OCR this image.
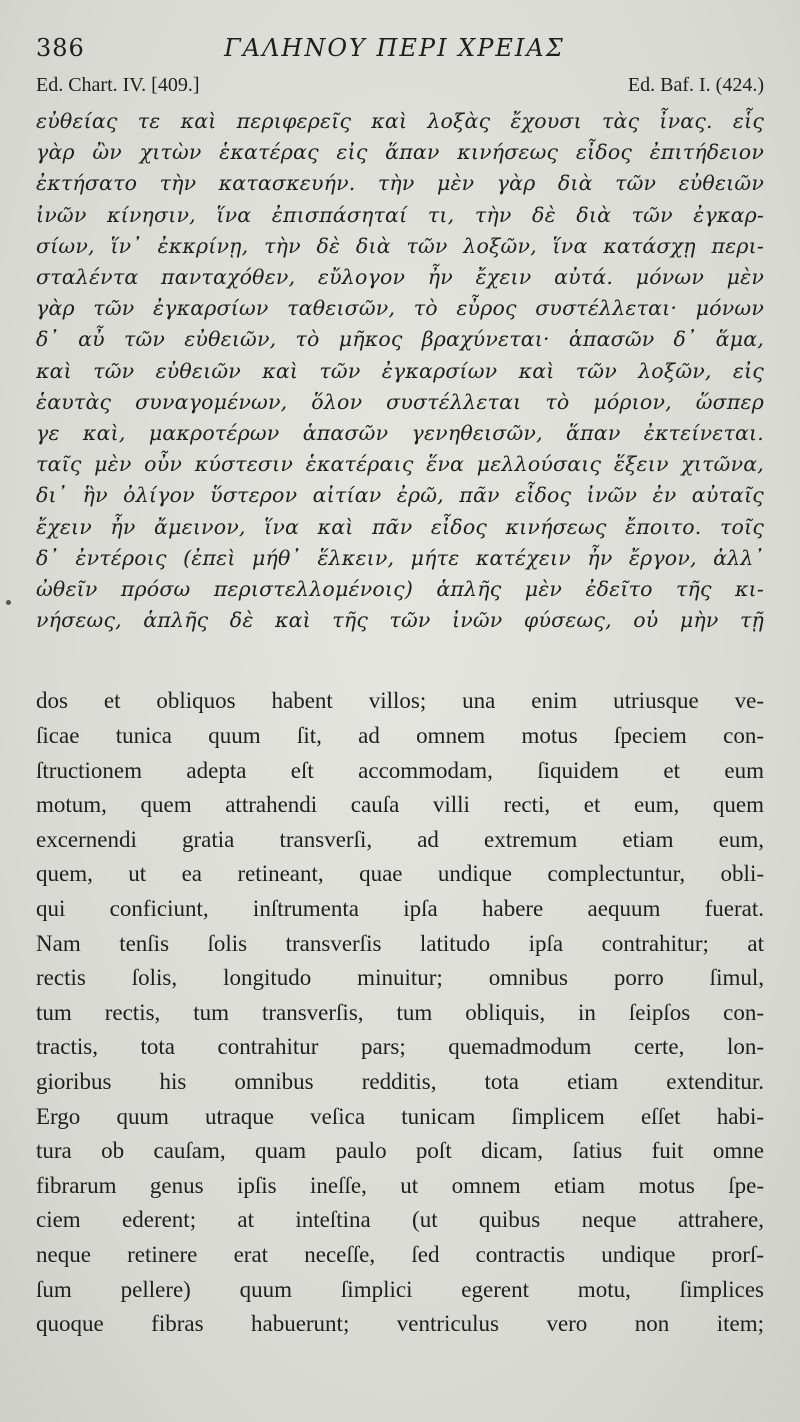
386	ΓΑΛΗΝΟΥ ΠΕΡΙ ΧΡΕΙΑΣ
Ed. Chart. IV. [409.]	Ed. Baf. I. (424.)
εὐθείας τε καὶ περιφερεῖς καὶ λοξὰς ἔχουσι τὰς ἶνας. εἷς
γὰρ ὢν χιτὼν ἑκατέρας εἰς ἅπαν κινήσεως εἶδος ἐπιτήδειον
ἐκτήσατο τὴν κατασκευήν. τὴν μὲν γὰρ διὰ τῶν εὐθειῶν
ἰνῶν κίνησιν, ἵνα ἐπισπάσηταί τι, τὴν δὲ διὰ τῶν ἐγκαρ-
σίων, ἵν᾽ ἐκκρίνῃ, τὴν δὲ διὰ τῶν λοξῶν, ἵνα κατάσχῃ περι-
σταλέντα πανταχόθεν, εὔλογον ἦν ἔχειν αὐτά. μόνων μὲν
γὰρ τῶν ἐγκαρσίων ταθεισῶν, τὸ εὖρος συστέλλεται· μόνων
δ᾽ αὖ τῶν εὐθειῶν, τὸ μῆκος βραχύνεται· ἁπασῶν δ᾽ ἅμα,
καὶ τῶν εὐθειῶν καὶ τῶν ἐγκαρσίων καὶ τῶν λοξῶν, εἰς
ἑαυτὰς συναγομένων, ὅλον συστέλλεται τὸ μόριον, ὥσπερ
γε καὶ, μακροτέρων ἁπασῶν γενηθεισῶν, ἅπαν ἐκτείνεται.
ταῖς μὲν οὖν κύστεσιν ἑκατέραις ἕνα μελλούσαις ἕξειν χιτῶνα,
δι᾽ ἣν ὀλίγον ὕστερον αἰτίαν ἐρῶ, πᾶν εἶδος ἰνῶν ἐν αὐταῖς
ἔχειν ἦν ἄμεινον, ἵνα καὶ πᾶν εἶδος κινήσεως ἔποιτο. τοῖς
δ᾽ ἐντέροις (ἐπεὶ μήθ᾽ ἕλκειν, μήτε κατέχειν ἦν ἔργον, ἀλλ᾽
ὠθεῖν πρόσω περιστελλομένοις) ἁπλῆς μὲν ἐδεῖτο τῆς κι-
νήσεως, ἁπλῆς δὲ καὶ τῆς τῶν ἰνῶν φύσεως, οὐ μὴν τῇ
dos et obliquos habent villos; una enim utriusque ve-
ſicae tunica quum ſit, ad omnem motus ſpeciem con-
ſtructionem adepta eſt accommodam, ſiquidem et eum
motum, quem attrahendi cauſa villi recti, et eum, quem
excernendi gratia transverſi, ad extremum etiam eum,
quem, ut ea retineant, quae undique complectuntur, obli-
qui conficiunt, inſtrumenta ipſa habere aequum fuerat.
Nam tenſis ſolis transverſis latitudo ipſa contrahitur; at
rectis ſolis, longitudo minuitur; omnibus porro ſimul,
tum rectis, tum transverſis, tum obliquis, in ſeipſos con-
tractis, tota contrahitur pars; quemadmodum certe, lon-
gioribus his omnibus redditis, tota etiam extenditur.
Ergo quum utraque veſica tunicam ſimplicem eſſet habi-
tura ob cauſam, quam paulo poſt dicam, ſatius fuit omne
fibrarum genus ipſis ineſſe, ut omnem etiam motus ſpe-
ciem ederent; at inteſtina (ut quibus neque attrahere,
neque retinere erat neceſſe, ſed contractis undique prorſ-
ſum pellere) quum ſimplici egerent motu, ſimplices
quoque fibras habuerunt; ventriculus vero non item;
